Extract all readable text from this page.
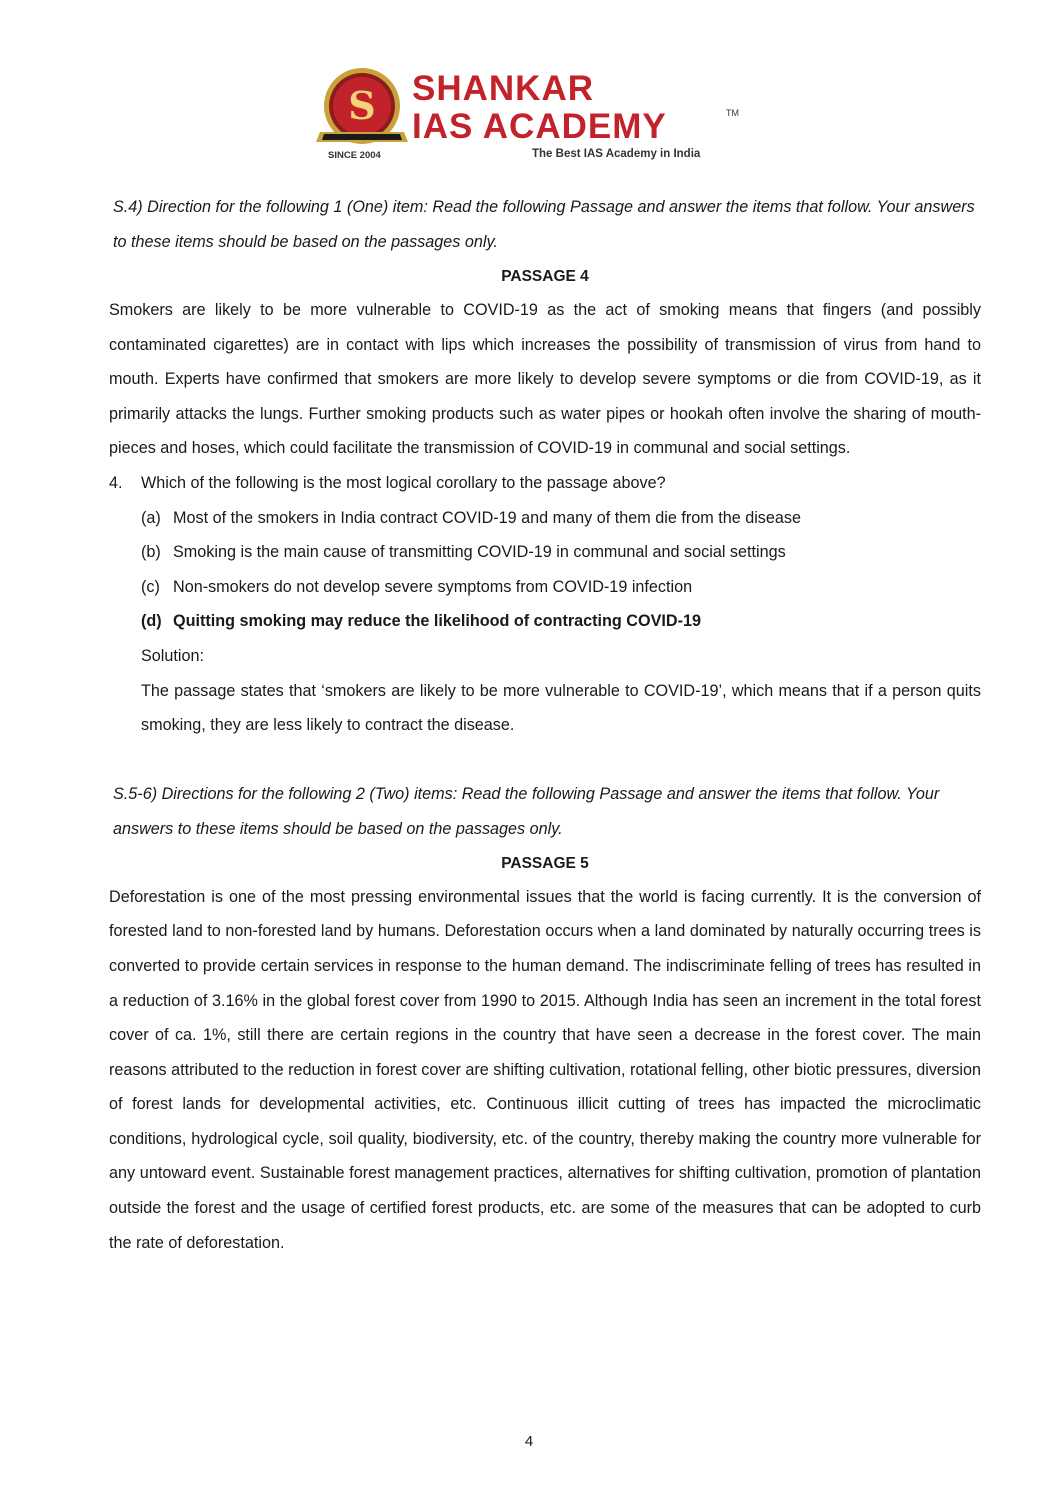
S
SINCE 2004
SHANKAR
IAS ACADEMY	TM
The Best IAS Academy in India
S.4) Direction for the following 1 (One) item: Read the following Passage and answer the items that follow. Your answers to these items should be based on the passages only.
PASSAGE 4
Smokers are likely to be more vulnerable to COVID-19 as the act of smoking means that fingers (and possibly contaminated cigarettes) are in contact with lips which increases the possibility of transmission of virus from hand to mouth. Experts have confirmed that smokers are more likely to develop severe symptoms or die from COVID-19, as it primarily attacks the lungs. Further smoking products such as water pipes or hookah often involve the sharing of mouth-pieces and hoses, which could facilitate the transmission of COVID-19 in communal and social settings.
4.	Which of the following is the most logical corollary to the passage above?
(a) Most of the smokers in India contract COVID-19 and many of them die from the disease
(b) Smoking is the main cause of transmitting COVID-19 in communal and social settings
(c) Non-smokers do not develop severe symptoms from COVID-19 infection
(d) Quitting smoking may reduce the likelihood of contracting COVID-19
Solution:
The passage states that ‘smokers are likely to be more vulnerable to COVID-19’, which means that if a person quits smoking, they are less likely to contract the disease.
S.5-6) Directions for the following 2 (Two) items: Read the following Passage and answer the items that follow. Your answers to these items should be based on the passages only.
PASSAGE 5
Deforestation is one of the most pressing environmental issues that the world is facing currently. It is the conversion of forested land to non-forested land by humans. Deforestation occurs when a land dominated by naturally occurring trees is converted to provide certain services in response to the human demand. The indiscriminate felling of trees has resulted in a reduction of 3.16% in the global forest cover from 1990 to 2015. Although India has seen an increment in the total forest cover of ca. 1%, still there are certain regions in the country that have seen a decrease in the forest cover. The main reasons attributed to the reduction in forest cover are shifting cultivation, rotational felling, other biotic pressures, diversion of forest lands for developmental activities, etc. Continuous illicit cutting of trees has impacted the microclimatic conditions, hydrological cycle, soil quality, biodiversity, etc. of the country, thereby making the country more vulnerable for any untoward event. Sustainable forest management practices, alternatives for shifting cultivation, promotion of plantation outside the forest and the usage of certified forest products, etc. are some of the measures that can be adopted to curb the rate of deforestation.
4
